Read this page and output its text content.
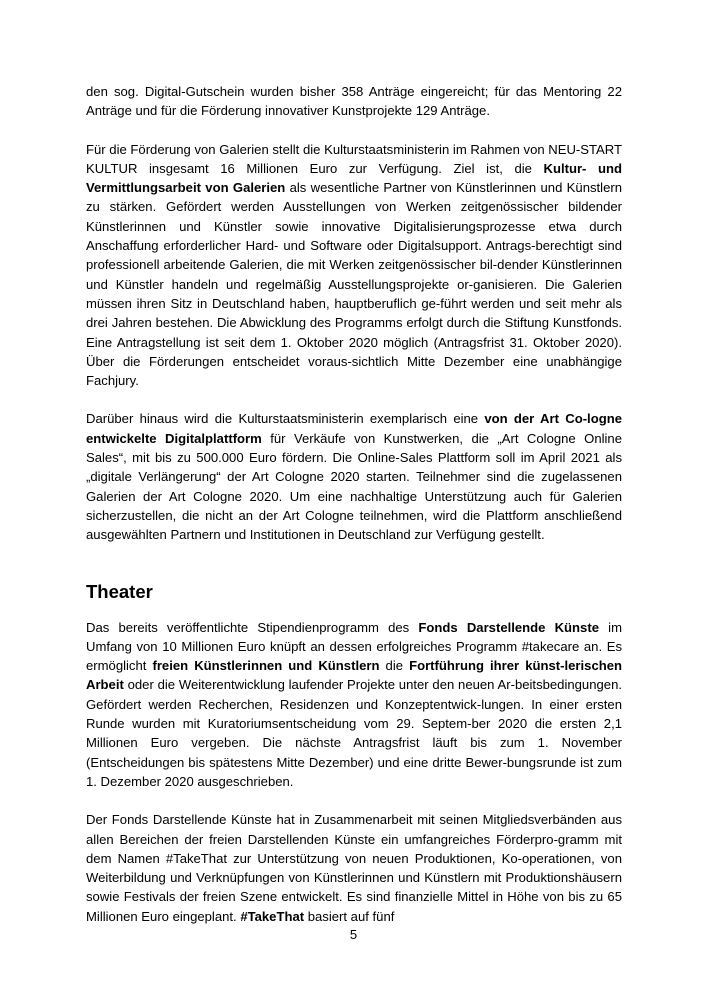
den sog. Digital-Gutschein wurden bisher 358 Anträge eingereicht; für das Mentoring 22 Anträge und für die Förderung innovativer Kunstprojekte 129 Anträge.

Für die Förderung von Galerien stellt die Kulturstaatsministerin im Rahmen von NEU-START KULTUR insgesamt 16 Millionen Euro zur Verfügung. Ziel ist, die Kultur- und Vermittlungsarbeit von Galerien als wesentliche Partner von Künstlerinnen und Künstlern zu stärken. Gefördert werden Ausstellungen von Werken zeitgenössischer bildender Künstlerinnen und Künstler sowie innovative Digitalisierungsprozesse etwa durch Anschaffung erforderlicher Hard- und Software oder Digitalsupport. Antrags-berechtigt sind professionell arbeitende Galerien, die mit Werken zeitgenössischer bil-dender Künstlerinnen und Künstler handeln und regelmäßig Ausstellungsprojekte or-ganisieren. Die Galerien müssen ihren Sitz in Deutschland haben, hauptberuflich ge-führt werden und seit mehr als drei Jahren bestehen. Die Abwicklung des Programms erfolgt durch die Stiftung Kunstfonds. Eine Antragstellung ist seit dem 1. Oktober 2020 möglich (Antragsfrist 31. Oktober 2020). Über die Förderungen entscheidet voraus-sichtlich Mitte Dezember eine unabhängige Fachjury.

Darüber hinaus wird die Kulturstaatsministerin exemplarisch eine von der Art Co-logne entwickelte Digitalplattform für Verkäufe von Kunstwerken, die „Art Cologne Online Sales“, mit bis zu 500.000 Euro fördern. Die Online-Sales Plattform soll im April 2021 als „digitale Verlängerung“ der Art Cologne 2020 starten. Teilnehmer sind die zugelassenen Galerien der Art Cologne 2020. Um eine nachhaltige Unterstützung auch für Galerien sicherzustellen, die nicht an der Art Cologne teilnehmen, wird die Plattform anschließend ausgewählten Partnern und Institutionen in Deutschland zur Verfügung gestellt.

Theater

Das bereits veröffentlichte Stipendienprogramm des Fonds Darstellende Künste im Umfang von 10 Millionen Euro knüpft an dessen erfolgreiches Programm #takecare an. Es ermöglicht freien Künstlerinnen und Künstlern die Fortführung ihrer künst-lerischen Arbeit oder die Weiterentwicklung laufender Projekte unter den neuen Ar-beitsbedingungen. Gefördert werden Recherchen, Residenzen und Konzeptentwick-lungen. In einer ersten Runde wurden mit Kuratoriumsentscheidung vom 29. Septem-ber 2020 die ersten 2,1 Millionen Euro vergeben. Die nächste Antragsfrist läuft bis zum 1. November (Entscheidungen bis spätestens Mitte Dezember) und eine dritte Bewer-bungsrunde ist zum 1. Dezember 2020 ausgeschrieben.

Der Fonds Darstellende Künste hat in Zusammenarbeit mit seinen Mitgliedsverbänden aus allen Bereichen der freien Darstellenden Künste ein umfangreiches Förderpro-gramm mit dem Namen #TakeThat zur Unterstützung von neuen Produktionen, Ko-operationen, von Weiterbildung und Verknüpfungen von Künstlerinnen und Künstlern mit Produktionshäusern sowie Festivals der freien Szene entwickelt. Es sind finanzielle Mittel in Höhe von bis zu 65 Millionen Euro eingeplant. #TakeThat basiert auf fünf

5
